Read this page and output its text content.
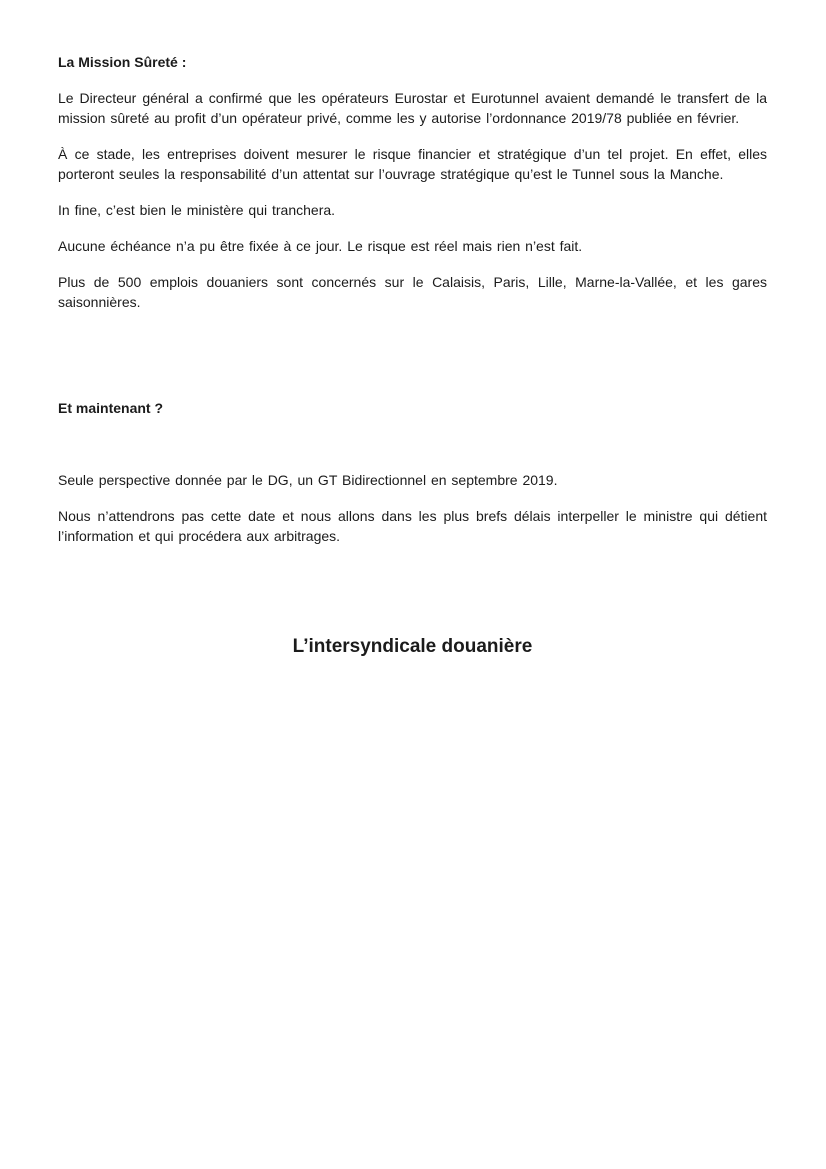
La Mission Sûreté :

Le Directeur général a confirmé que les opérateurs Eurostar et Eurotunnel avaient demandé le transfert de la mission sûreté au profit d’un opérateur privé, comme les y autorise l’ordonnance 2019/78 publiée en février.

À ce stade, les entreprises doivent mesurer le risque financier et stratégique d’un tel projet. En effet, elles porteront seules la responsabilité d’un attentat sur l’ouvrage stratégique qu’est le Tunnel sous la Manche.

In fine, c’est bien le ministère qui tranchera.

Aucune échéance n’a pu être fixée à ce jour. Le risque est réel mais rien n’est fait.

Plus de 500 emplois douaniers sont concernés sur le Calaisis, Paris, Lille, Marne-la-Vallée, et les gares saisonnières.

Et maintenant ?

Seule perspective donnée par le DG, un GT Bidirectionnel en septembre 2019.

Nous n’attendrons pas cette date et nous allons dans les plus brefs délais interpeller le ministre qui détient l’information et qui procédera aux arbitrages.

L’intersyndicale douanière
